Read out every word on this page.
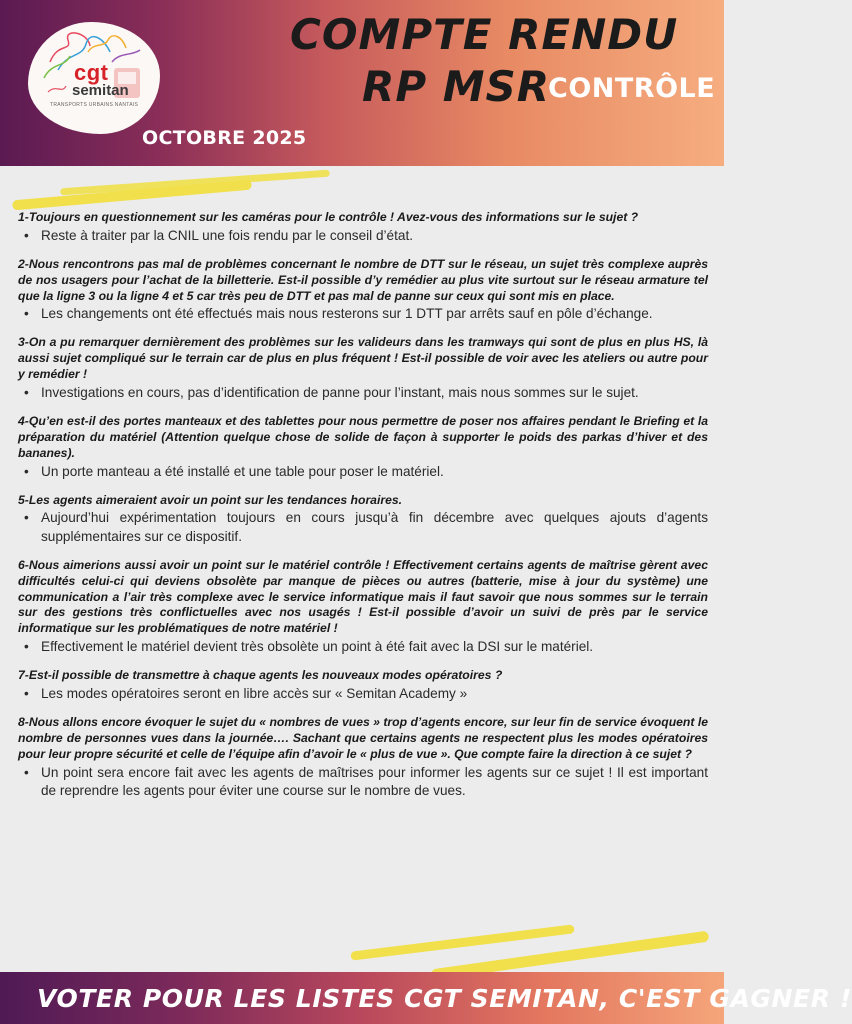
cgt
semitan
TRANSPORTS URBAINS NANTAIS
COMPTE RENDU
RP MSR
CONTRÔLE
OCTOBRE 2025
1-Toujours en questionnement sur les caméras pour le contrôle ! Avez-vous des informations sur le sujet ?
• Reste à traiter par la CNIL une fois rendu par le conseil d’état.
2-Nous rencontrons pas mal de problèmes concernant le nombre de DTT sur le réseau, un sujet très complexe auprès de nos usagers pour l’achat de la billetterie. Est-il possible d’y remédier au plus vite surtout sur le réseau armature tel que la ligne 3 ou la ligne 4 et 5 car très peu de DTT et pas mal de panne sur ceux qui sont mis en place.
• Les changements ont été effectués mais nous resterons sur 1 DTT par arrêts sauf en pôle d’échange.
3-On a pu remarquer dernièrement des problèmes sur les valideurs dans les tramways qui sont de plus en plus HS, là aussi sujet compliqué sur le terrain car de plus en plus fréquent ! Est-il possible de voir avec les ateliers ou autre pour y remédier !
• Investigations en cours, pas d’identification de panne pour l’instant, mais nous sommes sur le sujet.
4-Qu’en est-il des portes manteaux et des tablettes pour nous permettre de poser nos affaires pendant le Briefing et la préparation du matériel (Attention quelque chose de solide de façon à supporter le poids des parkas d’hiver et des bananes).
• Un porte manteau a été installé et une table pour poser le matériel.
5-Les agents aimeraient avoir un point sur les tendances horaires.
• Aujourd’hui expérimentation toujours en cours jusqu’à fin décembre avec quelques ajouts d’agents supplémentaires sur ce dispositif.
6-Nous aimerions aussi avoir un point sur le matériel contrôle ! Effectivement certains agents de maîtrise gèrent avec difficultés celui-ci qui deviens obsolète par manque de pièces ou autres (batterie, mise à jour du système) une communication a l’air très complexe avec le service informatique mais il faut savoir que nous sommes sur le terrain sur des gestions très conflictuelles avec nos usagés ! Est-il possible d’avoir un suivi de près par le service informatique sur les problématiques de notre matériel !
• Effectivement le matériel devient très obsolète un point à été fait avec la DSI sur le matériel.
7-Est-il possible de transmettre à chaque agents les nouveaux modes opératoires ?
• Les modes opératoires seront en libre accès sur « Semitan Academy »
8-Nous allons encore évoquer le sujet du « nombres de vues » trop d’agents encore, sur leur fin de service évoquent le nombre de personnes vues dans la journée…. Sachant que certains agents ne respectent plus les modes opératoires pour leur propre sécurité et celle de l’équipe afin d’avoir le « plus de vue ». Que compte faire la direction à ce sujet ?
• Un point sera encore fait avec les agents de maîtrises pour informer les agents sur ce sujet ! Il est important de reprendre les agents pour éviter une course sur le nombre de vues.
VOTER POUR LES LISTES CGT SEMITAN, C'EST GAGNER !
